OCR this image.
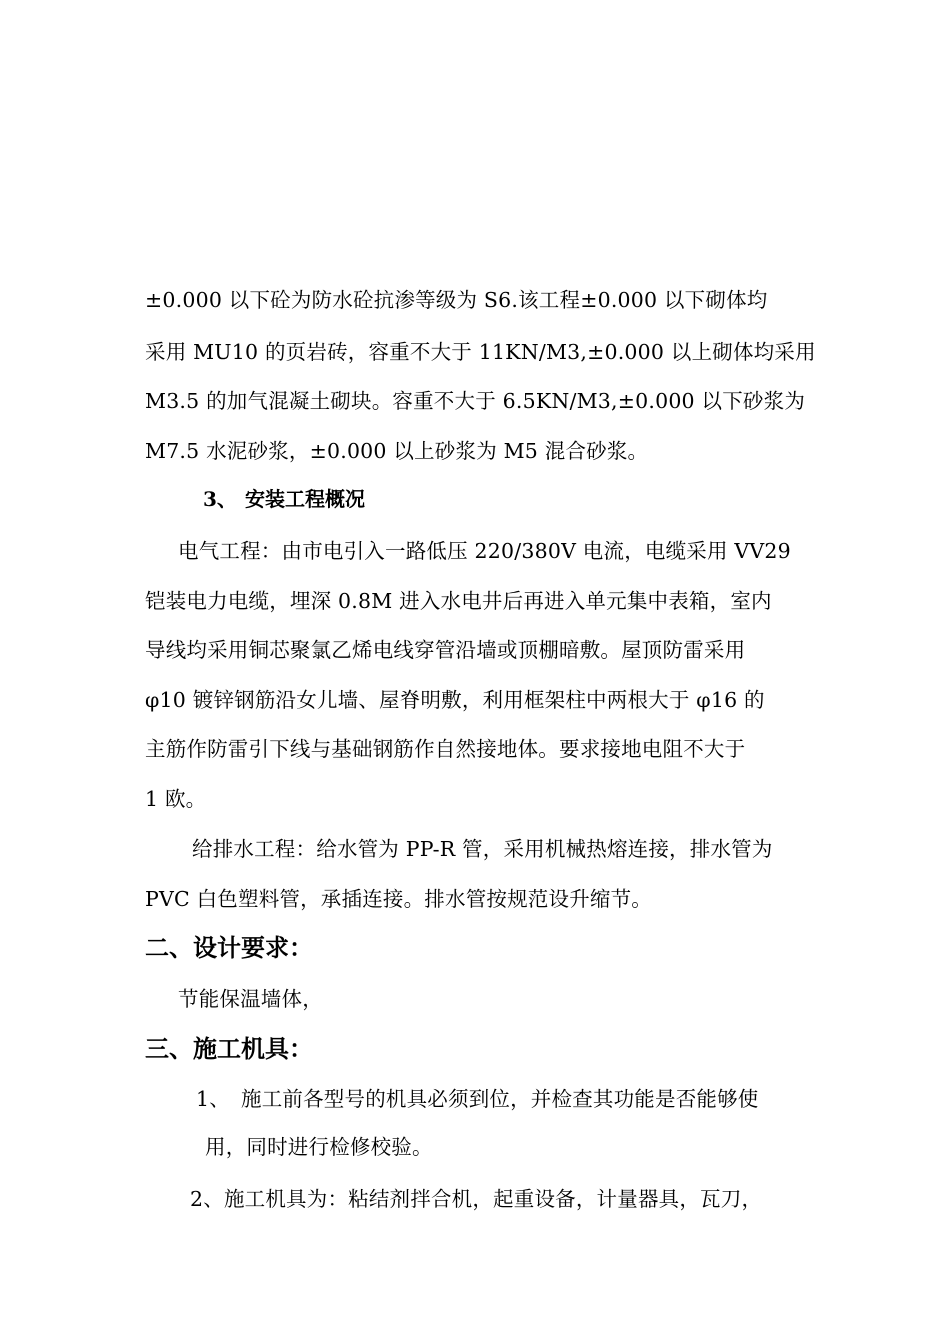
±0.000 以下砼为防水砼抗渗等级为 S6.该工程±0.000 以下砌体均
采用 MU10 的页岩砖，容重不大于 11KN/M3,±0.000 以上砌体均采用
M3.5 的加气混凝土砌块。容重不大于 6.5KN/M3,±0.000 以下砂浆为
M7.5 水泥砂浆，±0.000 以上砂浆为 M5 混合砂浆。
3、 安装工程概况
电气工程：由市电引入一路低压 220/380V 电流，电缆采用 VV29
铠装电力电缆，埋深 0.8M 进入水电井后再进入单元集中表箱，室内
导线均采用铜芯聚氯乙烯电线穿管沿墙或顶棚暗敷。屋顶防雷采用
φ10 镀锌钢筋沿女儿墙、屋脊明敷，利用框架柱中两根大于 φ16 的
主筋作防雷引下线与基础钢筋作自然接地体。要求接地电阻不大于
1 欧。
给排水工程：给水管为 PP-R 管，采用机械热熔连接，排水管为
PVC 白色塑料管，承插连接。排水管按规范设升缩节。
二、设计要求：
节能保温墙体，
三、施工机具：
1、 施工前各型号的机具必须到位，并检查其功能是否能够使
用，同时进行检修校验。
2、施工机具为：粘结剂拌合机，起重设备，计量器具，瓦刀，
